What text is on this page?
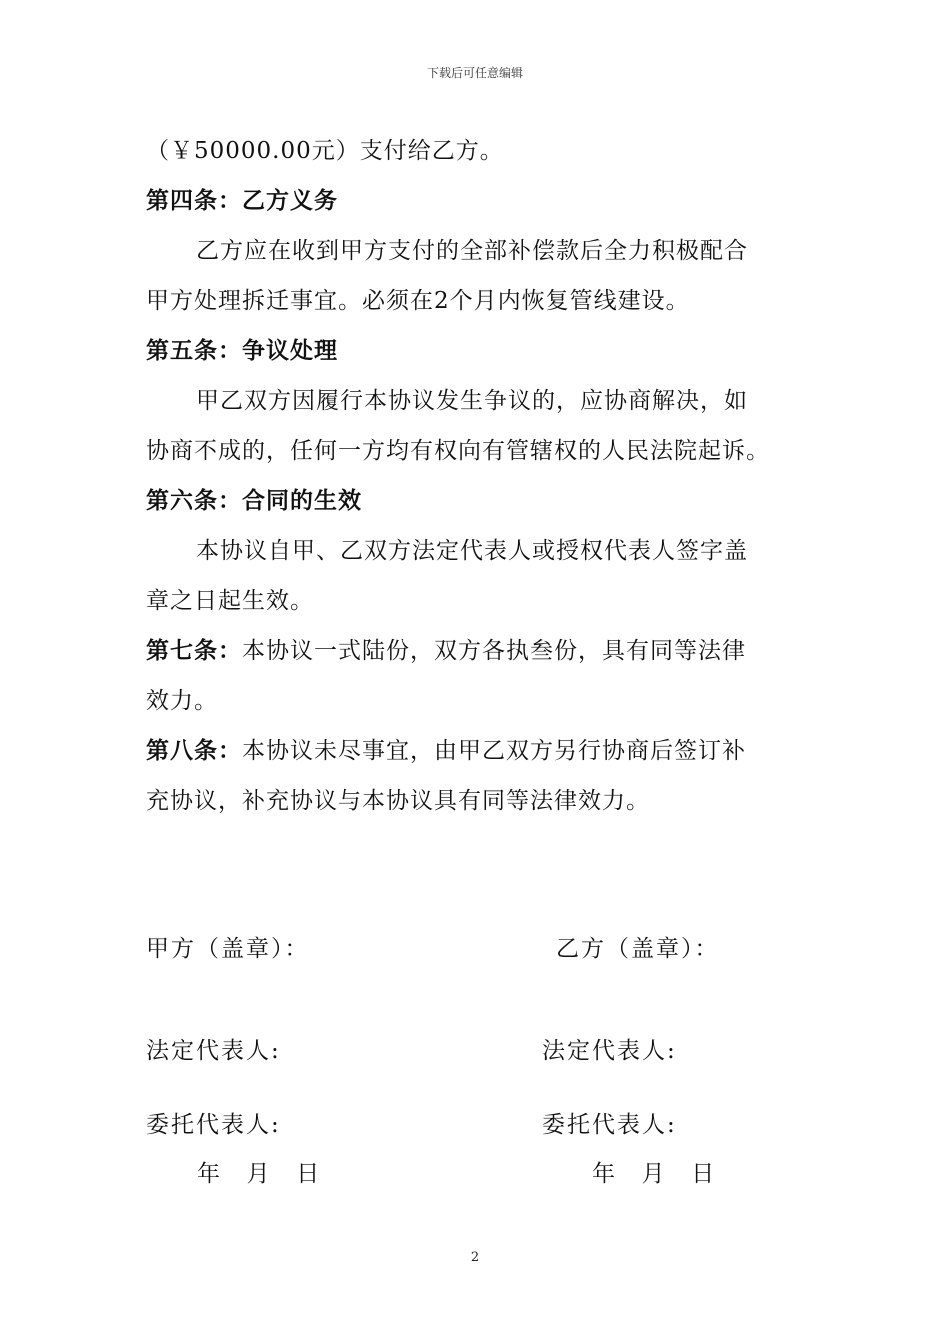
下载后可任意编辑
（￥50000.00元）支付给乙方。
第四条：乙方义务
乙方应在收到甲方支付的全部补偿款后全力积极配合
甲方处理拆迁事宜。必须在2个月内恢复管线建设。
第五条：争议处理
甲乙双方因履行本协议发生争议的，应协商解决，如
协商不成的，任何一方均有权向有管辖权的人民法院起诉。
第六条：合同的生效
本协议自甲、乙双方法定代表人或授权代表人签字盖
章之日起生效。
第七条：本协议一式陆份，双方各执叁份，具有同等法律
效力。
第八条：本协议未尽事宜，由甲乙双方另行协商后签订补
充协议，补充协议与本协议具有同等法律效力。
甲方（盖章）：	乙方（盖章）：
法定代表人:	法定代表人:
委托代表人:	委托代表人:
年  月  日	年  月  日
2
